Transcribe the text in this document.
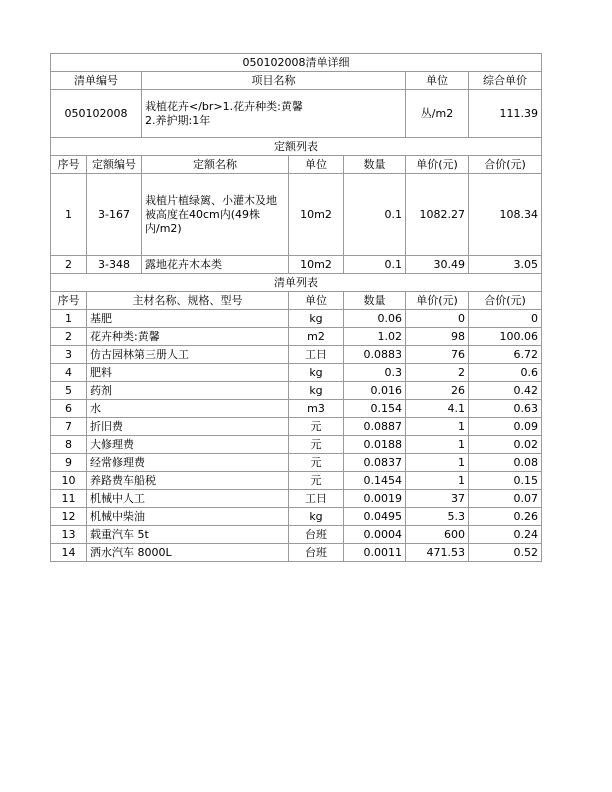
050102008清单详细						
清单编号		项目名称			单位	综合单价
050102008		栽植花卉</br>1.花卉种类:黄馨
2.养护期:1年			丛/m2	111.39
定额列表						
序号	定额编号	定额名称	单位	数量	单价(元)	合价(元)
1	3-167	栽植片植绿篱、小灌木及地被高度在40cm内(49株内/m2)	10m2	0.1	1082.27	108.34
2	3-348	露地花卉木本类	10m2	0.1	30.49	3.05
清单列表						
序号	主材名称、规格、型号		单位	数量	单价(元)	合价(元)
1	基肥		kg	0.06	0	0
2	花卉种类:黄馨		m2	1.02	98	100.06
3	仿古园林第三册人工		工日	0.0883	76	6.72
4	肥料		kg	0.3	2	0.6
5	药剂		kg	0.016	26	0.42
6	水		m3	0.154	4.1	0.63
7	折旧费		元	0.0887	1	0.09
8	大修理费		元	0.0188	1	0.02
9	经常修理费		元	0.0837	1	0.08
10	养路费车船税		元	0.1454	1	0.15
11	机械中人工		工日	0.0019	37	0.07
12	机械中柴油		kg	0.0495	5.3	0.26
13	载重汽车 5t		台班	0.0004	600	0.24
14	洒水汽车 8000L		台班	0.0011	471.53	0.52
